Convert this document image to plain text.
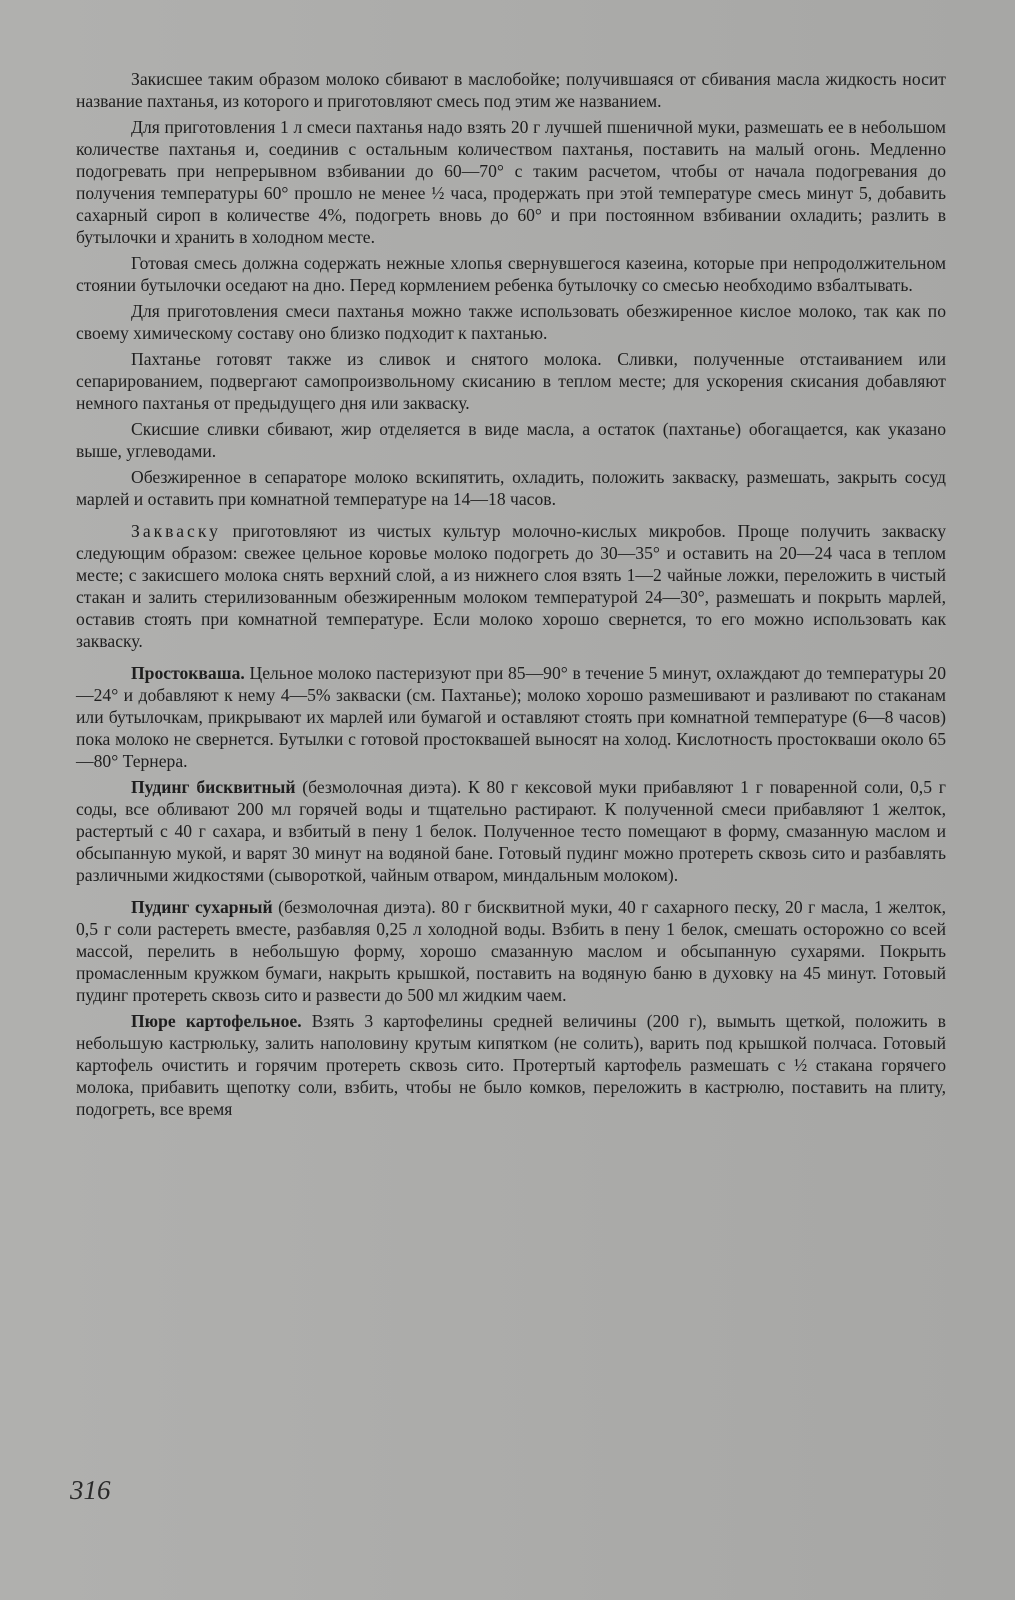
Закисшее таким образом молоко сбивают в маслобойке; получившаяся от сбивания масла жидкость носит название пахтанья, из которого и приготовляют смесь под этим же названием.

Для приготовления 1 л смеси пахтанья надо взять 20 г лучшей пшеничной муки, размешать ее в небольшом количестве пахтанья и, соединив с остальным количеством пахтанья, поставить на малый огонь. Медленно подогревать при непрерывном взбивании до 60—70° с таким расчетом, чтобы от начала подогревания до получения температуры 60° прошло не менее ½ часа, продержать при этой температуре смесь минут 5, добавить сахарный сироп в количестве 4%, подогреть вновь до 60° и при постоянном взбивании охладить; разлить в бутылочки и хранить в холодном месте.

Готовая смесь должна содержать нежные хлопья свернувшегося казеина, которые при непродолжительном стоянии бутылочки оседают на дно. Перед кормлением ребенка бутылочку со смесью необходимо взбалтывать.

Для приготовления смеси пахтанья можно также использовать обезжиренное кислое молоко, так как по своему химическому составу оно близко подходит к пахтанью.

Пахтанье готовят также из сливок и снятого молока. Сливки, полученные отстаиванием или сепарированием, подвергают самопроизвольному скисанию в теплом месте; для ускорения скисания добавляют немного пахтанья от предыдущего дня или закваску.

Скисшие сливки сбивают, жир отделяется в виде масла, а остаток (пахтанье) обогащается, как указано выше, углеводами.

Обезжиренное в сепараторе молоко вскипятить, охладить, положить закваску, размешать, закрыть сосуд марлей и оставить при комнатной температуре на 14—18 часов.

Закваску приготовляют из чистых культур молочно-кислых микробов. Проще получить закваску следующим образом: свежее цельное коровье молоко подогреть до 30—35° и оставить на 20—24 часа в теплом месте; с закисшего молока снять верхний слой, а из нижнего слоя взять 1—2 чайные ложки, переложить в чистый стакан и залить стерилизованным обезжиренным молоком температурой 24—30°, размешать и покрыть марлей, оставив стоять при комнатной температуре. Если молоко хорошо свернется, то его можно использовать как закваску.

Простокваша. Цельное молоко пастеризуют при 85—90° в течение 5 минут, охлаждают до температуры 20—24° и добавляют к нему 4—5% закваски (см. Пахтанье); молоко хорошо размешивают и разливают по стаканам или бутылочкам, прикрывают их марлей или бумагой и оставляют стоять при комнатной температуре (6—8 часов) пока молоко не свернется. Бутылки с готовой простоквашей выносят на холод. Кислотность простокваши около 65—80° Тернера.

Пудинг бисквитный (безмолочная диэта). К 80 г кексовой муки прибавляют 1 г поваренной соли, 0,5 г соды, все обливают 200 мл горячей воды и тщательно растирают. К полученной смеси прибавляют 1 желток, растертый с 40 г сахара, и взбитый в пену 1 белок. Полученное тесто помещают в форму, смазанную маслом и обсыпанную мукой, и варят 30 минут на водяной бане. Готовый пудинг можно протереть сквозь сито и разбавлять различными жидкостями (сывороткой, чайным отваром, миндальным молоком).

Пудинг сухарный (безмолочная диэта). 80 г бисквитной муки, 40 г сахарного песку, 20 г масла, 1 желток, 0,5 г соли растереть вместе, разбавляя 0,25 л холодной воды. Взбить в пену 1 белок, смешать осторожно со всей массой, перелить в небольшую форму, хорошо смазанную маслом и обсыпанную сухарями. Покрыть промасленным кружком бумаги, накрыть крышкой, поставить на водяную баню в духовку на 45 минут. Готовый пудинг протереть сквозь сито и развести до 500 мл жидким чаем.

Пюре картофельное. Взять 3 картофелины средней величины (200 г), вымыть щеткой, положить в небольшую кастрюльку, залить наполовину крутым кипятком (не солить), варить под крышкой полчаса. Готовый картофель очистить и горячим протереть сквозь сито. Протертый картофель размешать с ½ стакана горячего молока, прибавить щепотку соли, взбить, чтобы не было комков, переложить в кастрюлю, поставить на плиту, подогреть, все время

316
